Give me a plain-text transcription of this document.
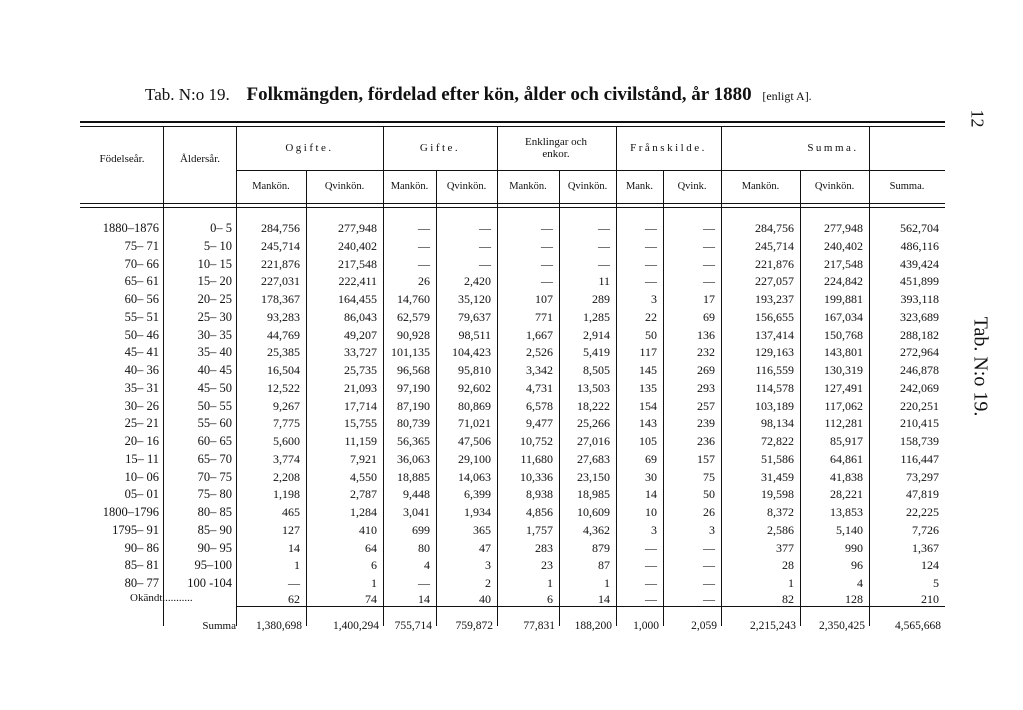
Tab. N:o 19. Folkmängden, fördelad efter kön, ålder och civilstånd, år 1880 [enligt A].
12
Tab. N:o 19.
Födelseår.	Åldersår.
Ogifte.	Gifte.	Enklingar och enkor.	Frånskilde.	Summa.
Mankön.	Qvinkön.	Mankön.	Qvinkön.	Mankön.	Qvinkön.	Mank.	Qvink.	Mankön.	Qvinkön.	Summa.
1880–1876	0– 5	284,756	277,948	—	—	—	—	—	—	284,756	277,948	562,704
75– 71	5– 10	245,714	240,402	—	—	—	—	—	—	245,714	240,402	486,116
70– 66	10– 15	221,876	217,548	—	—	—	—	—	—	221,876	217,548	439,424
65– 61	15– 20	227,031	222,411	26	2,420	—	11	—	—	227,057	224,842	451,899
60– 56	20– 25	178,367	164,455	14,760	35,120	107	289	3	17	193,237	199,881	393,118
55– 51	25– 30	93,283	86,043	62,579	79,637	771	1,285	22	69	156,655	167,034	323,689
50– 46	30– 35	44,769	49,207	90,928	98,511	1,667	2,914	50	136	137,414	150,768	288,182
45– 41	35– 40	25,385	33,727	101,135	104,423	2,526	5,419	117	232	129,163	143,801	272,964
40– 36	40– 45	16,504	25,735	96,568	95,810	3,342	8,505	145	269	116,559	130,319	246,878
35– 31	45– 50	12,522	21,093	97,190	92,602	4,731	13,503	135	293	114,578	127,491	242,069
30– 26	50– 55	9,267	17,714	87,190	80,869	6,578	18,222	154	257	103,189	117,062	220,251
25– 21	55– 60	7,775	15,755	80,739	71,021	9,477	25,266	143	239	98,134	112,281	210,415
20– 16	60– 65	5,600	11,159	56,365	47,506	10,752	27,016	105	236	72,822	85,917	158,739
15– 11	65– 70	3,774	7,921	36,063	29,100	11,680	27,683	69	157	51,586	64,861	116,447
10– 06	70– 75	2,208	4,550	18,885	14,063	10,336	23,150	30	75	31,459	41,838	73,297
05– 01	75– 80	1,198	2,787	9,448	6,399	8,938	18,985	14	50	19,598	28,221	47,819
1800–1796	80– 85	465	1,284	3,041	1,934	4,856	10,609	10	26	8,372	13,853	22,225
1795– 91	85– 90	127	410	699	365	1,757	4,362	3	3	2,586	5,140	7,726
90– 86	90– 95	14	64	80	47	283	879	—	—	377	990	1,367
85– 81	95–100	1	6	4	3	23	87	—	—	28	96	124
80– 77	100 -104	—	1	—	2	1	1	—	—	1	4	5
Okändt...........	62	74	14	40	6	14	—	—	82	128	210
Summa	1,380,698	1,400,294	755,714	759,872	77,831	188,200	1,000	2,059	2,215,243	2,350,425	4,565,668
